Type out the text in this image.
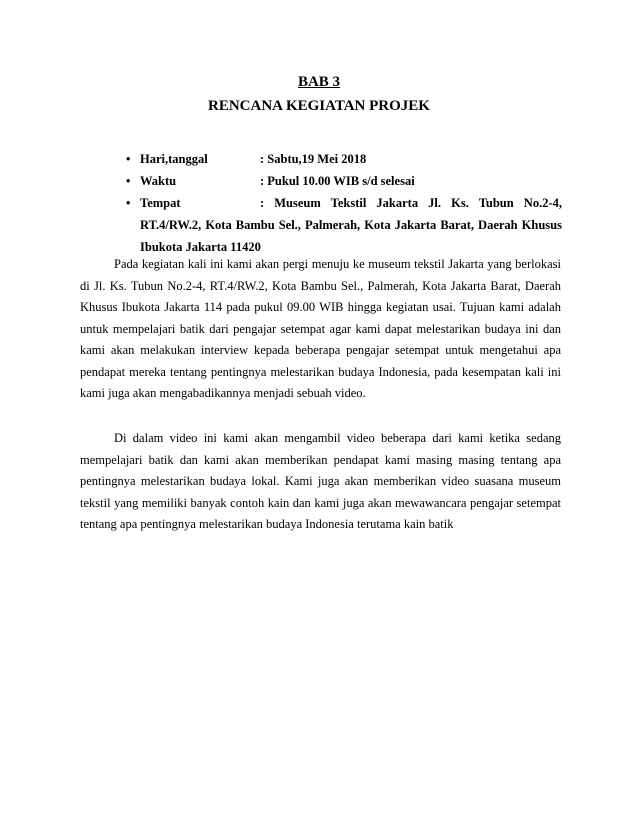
BAB 3
RENCANA KEGIATAN PROJEK
• Hari,tanggal	: Sabtu,19 Mei 2018
• Waktu	: Pukul 10.00 WIB s/d selesai
• Tempat	: Museum Tekstil Jakarta Jl. Ks. Tubun No.2-4,
RT.4/RW.2, Kota Bambu Sel., Palmerah, Kota Jakarta Barat, Daerah Khusus Ibukota Jakarta 11420

Pada kegiatan kali ini kami akan pergi menuju ke museum tekstil Jakarta yang berlokasi di Jl. Ks. Tubun No.2-4, RT.4/RW.2, Kota Bambu Sel., Palmerah, Kota Jakarta Barat, Daerah Khusus Ibukota Jakarta 114 pada pukul 09.00 WIB hingga kegiatan usai. Tujuan kami adalah untuk mempelajari batik dari pengajar setempat agar kami dapat melestarikan budaya ini dan kami akan melakukan interview kepada beberapa pengajar setempat untuk mengetahui apa pendapat mereka tentang pentingnya melestarikan budaya Indonesia, pada kesempatan kali ini kami juga akan mengabadikannya menjadi sebuah video.

Di dalam video ini kami akan mengambil video beberapa dari kami ketika sedang mempelajari batik dan kami akan memberikan pendapat kami masing masing tentang apa pentingnya melestarikan budaya lokal. Kami juga akan memberikan video suasana museum tekstil yang memiliki banyak contoh kain dan kami juga akan mewawancara pengajar setempat tentang apa pentingnya melestarikan budaya Indonesia terutama kain batik
